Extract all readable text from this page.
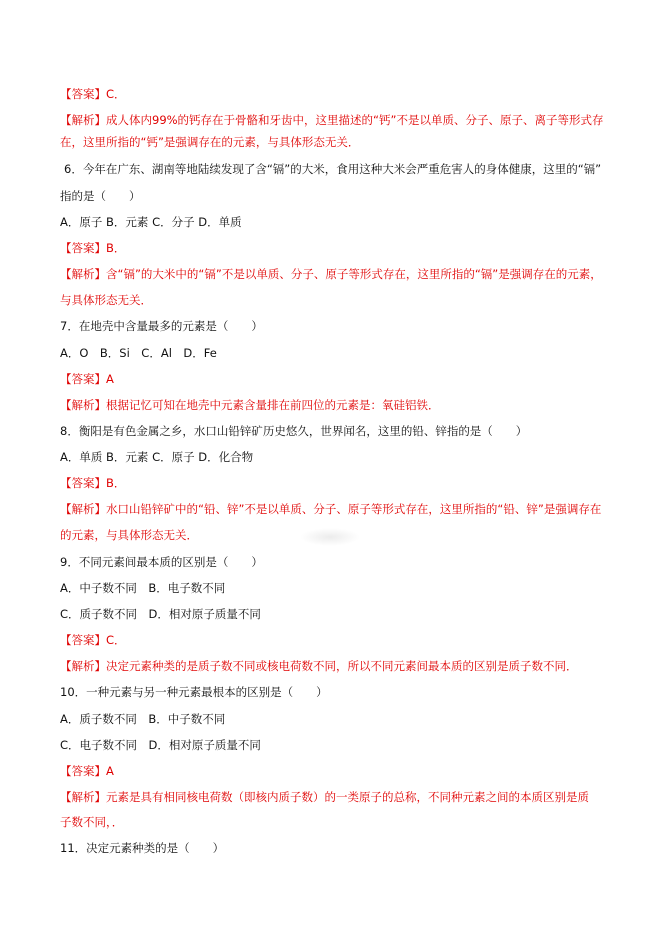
【答案】C．
【解析】成人体内99%的钙存在于骨骼和牙齿中，这里描述的“钙”不是以单质、分子、原子、离子等形式存
在，这里所指的“钙”是强调存在的元素，与具体形态无关．
6．今年在广东、湖南等地陆续发现了含“镉”的大米，食用这种大米会严重危害人的身体健康，这里的“镉”
指的是（　　）
A．原子 B．元素 C．分子 D．单质
【答案】B．
【解析】含“镉”的大米中的“镉”不是以单质、分子、原子等形式存在，这里所指的“镉”是强调存在的元素，
与具体形态无关．
7．在地壳中含量最多的元素是（　　）
A．O　B．Si　C．Al　D．Fe
【答案】A
【解析】根据记忆可知在地壳中元素含量排在前四位的元素是：氧硅铝铁．
8．衡阳是有色金属之乡，水口山铅锌矿历史悠久，世界闻名，这里的铅、锌指的是（　　）
A．单质 B．元素 C．原子 D．化合物
【答案】B．
【解析】水口山铅锌矿中的“铅、锌”不是以单质、分子、原子等形式存在，这里所指的“铅、锌”是强调存在
的元素，与具体形态无关．
9．不同元素间最本质的区别是（　　）
A．中子数不同　B．电子数不同
C．质子数不同　D．相对原子质量不同
【答案】C．
【解析】决定元素种类的是质子数不同或核电荷数不同，所以不同元素间最本质的区别是质子数不同．
10．一种元素与另一种元素最根本的区别是（　　）
A．质子数不同　B．中子数不同
C．电子数不同　D．相对原子质量不同
【答案】A
【解析】元素是具有相同核电荷数（即核内质子数）的一类原子的总称，不同种元素之间的本质区别是质
子数不同，．
11．决定元素种类的是（　　）
